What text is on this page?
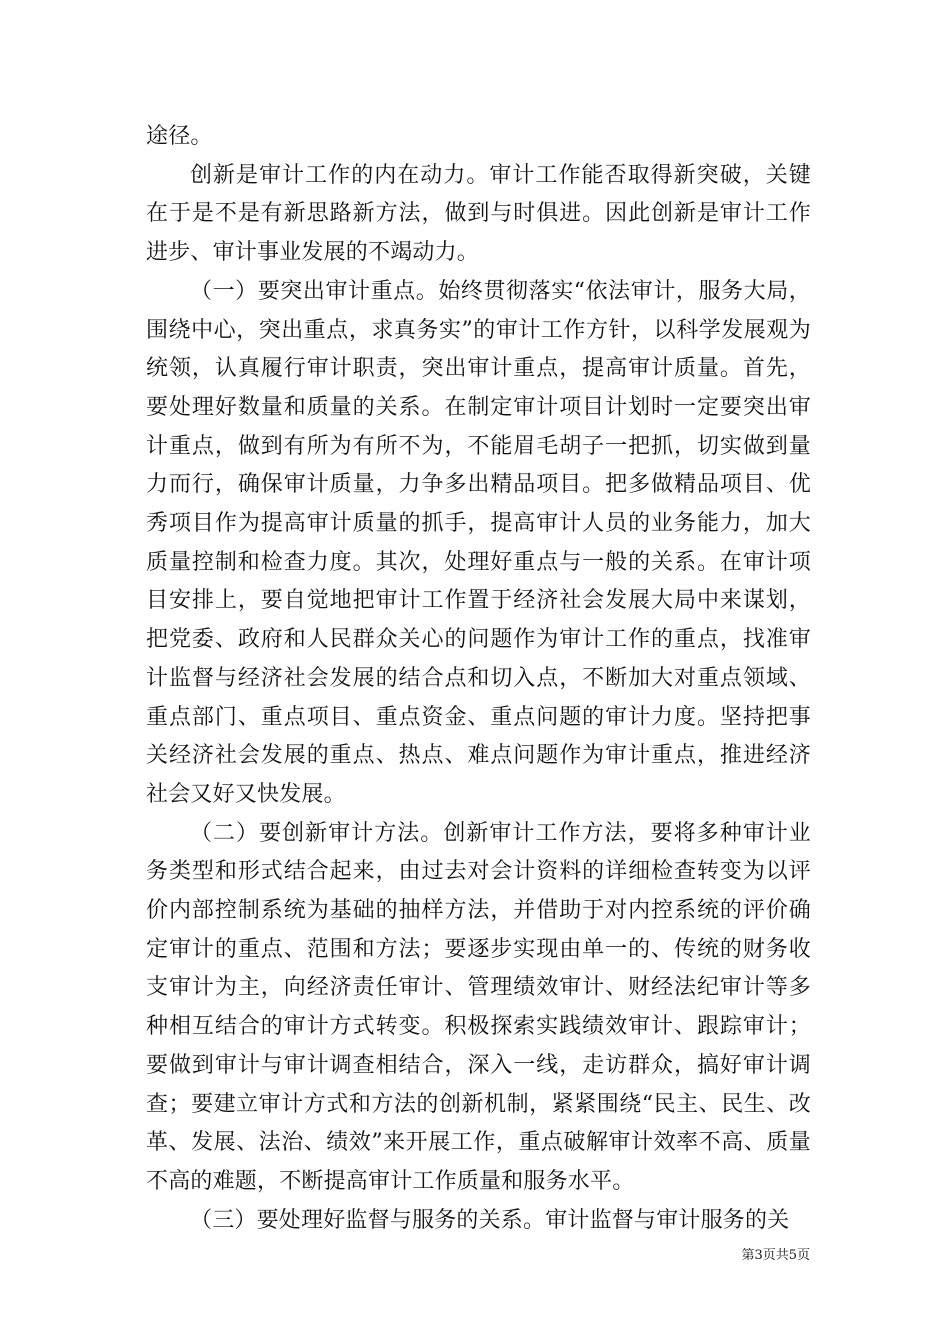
途径。

创新是审计工作的内在动力。审计工作能否取得新突破，关键在于是不是有新思路新方法，做到与时俱进。因此创新是审计工作进步、审计事业发展的不竭动力。

（一）要突出审计重点。始终贯彻落实“依法审计，服务大局，围绕中心，突出重点，求真务实”的审计工作方针，以科学发展观为统领，认真履行审计职责，突出审计重点，提高审计质量。首先，要处理好数量和质量的关系。在制定审计项目计划时一定要突出审计重点，做到有所为有所不为，不能眉毛胡子一把抓，切实做到量力而行，确保审计质量，力争多出精品项目。把多做精品项目、优秀项目作为提高审计质量的抓手，提高审计人员的业务能力，加大质量控制和检查力度。其次，处理好重点与一般的关系。在审计项目安排上，要自觉地把审计工作置于经济社会发展大局中来谋划，把党委、政府和人民群众关心的问题作为审计工作的重点，找准审计监督与经济社会发展的结合点和切入点，不断加大对重点领域、重点部门、重点项目、重点资金、重点问题的审计力度。坚持把事关经济社会发展的重点、热点、难点问题作为审计重点，推进经济社会又好又快发展。

（二）要创新审计方法。创新审计工作方法，要将多种审计业务类型和形式结合起来，由过去对会计资料的详细检查转变为以评价内部控制系统为基础的抽样方法，并借助于对内控系统的评价确定审计的重点、范围和方法；要逐步实现由单一的、传统的财务收支审计为主，向经济责任审计、管理绩效审计、财经法纪审计等多种相互结合的审计方式转变。积极探索实践绩效审计、跟踪审计；要做到审计与审计调查相结合，深入一线，走访群众，搞好审计调查；要建立审计方式和方法的创新机制，紧紧围绕“民主、民生、改革、发展、法治、绩效”来开展工作，重点破解审计效率不高、质量不高的难题，不断提高审计工作质量和服务水平。

（三）要处理好监督与服务的关系。审计监督与审计服务的关

第3页共5页
